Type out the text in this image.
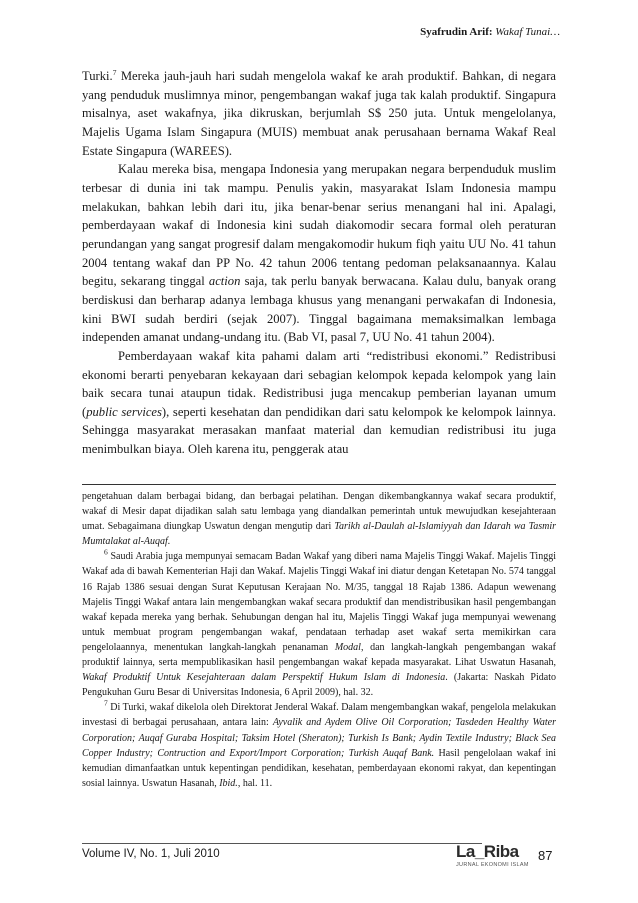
Syafrudin Arif: Wakaf Tunai…

Turki.$^7$ Mereka jauh-jauh hari sudah mengelola wakaf ke arah produktif. Bahkan, di negara yang penduduk muslimnya minor, pengembangan wakaf juga tak kalah produktif. Singapura misalnya, aset wakafnya, jika dikruskan, berjumlah S$ 250 juta. Untuk mengelolanya, Majelis Ugama Islam Singapura (MUIS) membuat anak perusahaan bernama Wakaf Real Estate Singapura (WAREES).

Kalau mereka bisa, mengapa Indonesia yang merupakan negara berpenduduk muslim terbesar di dunia ini tak mampu. Penulis yakin, masyarakat Islam Indonesia mampu melakukan, bahkan lebih dari itu, jika benar-benar serius menangani hal ini. Apalagi, pemberdayaan wakaf di Indonesia kini sudah diakomodir secara formal oleh peraturan perundangan yang sangat progresif dalam mengakomodir hukum fiqh yaitu UU No. 41 tahun 2004 tentang wakaf dan PP No. 42 tahun 2006 tentang pedoman pelaksanaannya. Kalau begitu, sekarang tinggal action saja, tak perlu banyak berwacana. Kalau dulu, banyak orang berdiskusi dan berharap adanya lembaga khusus yang menangani perwakafan di Indonesia, kini BWI sudah berdiri (sejak 2007). Tinggal bagaimana memaksimalkan lembaga independen amanat undang-undang itu. (Bab VI, pasal 7, UU No. 41 tahun 2004).

Pemberdayaan wakaf kita pahami dalam arti “redistribusi ekonomi.” Redistribusi ekonomi berarti penyebaran kekayaan dari sebagian kelompok kepada kelompok yang lain baik secara tunai ataupun tidak. Redistribusi juga mencakup pemberian layanan umum (public services), seperti kesehatan dan pendidikan dari satu kelompok ke kelompok lainnya. Sehingga masyarakat merasakan manfaat material dan kemudian redistribusi itu juga menimbulkan biaya. Oleh karena itu, penggerak atau

pengetahuan dalam berbagai bidang, dan berbagai pelatihan. Dengan dikembangkannya wakaf secara produktif, wakaf di Mesir dapat dijadikan salah satu lembaga yang diandalkan pemerintah untuk mewujudkan kesejahteraan umat. Sebagaimana diungkap Uswatun dengan mengutip dari Tarikh al-Daulah al-Islamiyyah dan Idarah wa Tasmir Mumtalakat al-Auqaf.

$^6$ Saudi Arabia juga mempunyai semacam Badan Wakaf yang diberi nama Majelis Tinggi Wakaf. Majelis Tinggi Wakaf ada di bawah Kementerian Haji dan Wakaf. Majelis Tinggi Wakaf ini diatur dengan Ketetapan No. 574 tanggal 16 Rajab 1386 sesuai dengan Surat Keputusan Kerajaan No. M/35, tanggal 18 Rajab 1386. Adapun wewenang Majelis Tinggi Wakaf antara lain mengembangkan wakaf secara produktif dan mendistribusikan hasil pengembangan wakaf kepada mereka yang berhak. Sehubungan dengan hal itu, Majelis Tinggi Wakaf juga mempunyai wewenang untuk membuat program pengembangan wakaf, pendataan terhadap aset wakaf serta memikirkan cara pengelolaannya, menentukan langkah-langkah penanaman Modal, dan langkah-langkah pengembangan wakaf produktif lainnya, serta mempublikasikan hasil pengembangan wakaf kepada masyarakat. Lihat Uswatun Hasanah, Wakaf Produktif Untuk Kesejahteraan dalam Perspektif Hukum Islam di Indonesia. (Jakarta: Naskah Pidato Pengukuhan Guru Besar di Universitas Indonesia, 6 April 2009), hal. 32.

$^7$ Di Turki, wakaf dikelola oleh Direktorat Jenderal Wakaf. Dalam mengembangkan wakaf, pengelola melakukan investasi di berbagai perusahaan, antara lain: Ayvalik and Aydem Olive Oil Corporation; Tasdeden Healthy Water Corporation; Auqaf Guraba Hospital; Taksim Hotel (Sheraton); Turkish Is Bank; Aydin Textile Industry; Black Sea Copper Industry; Contruction and Export/Import Corporation; Turkish Auqaf Bank. Hasil pengelolaan wakaf ini kemudian dimanfaatkan untuk kepentingan pendidikan, kesehatan, pemberdayaan ekonomi rakyat, dan kepentingan sosial lainnya. Uswatun Hasanah, Ibid., hal. 11.

Volume IV, No. 1, Juli 2010	La_Riba
JURNAL EKONOMI ISLAM
87
